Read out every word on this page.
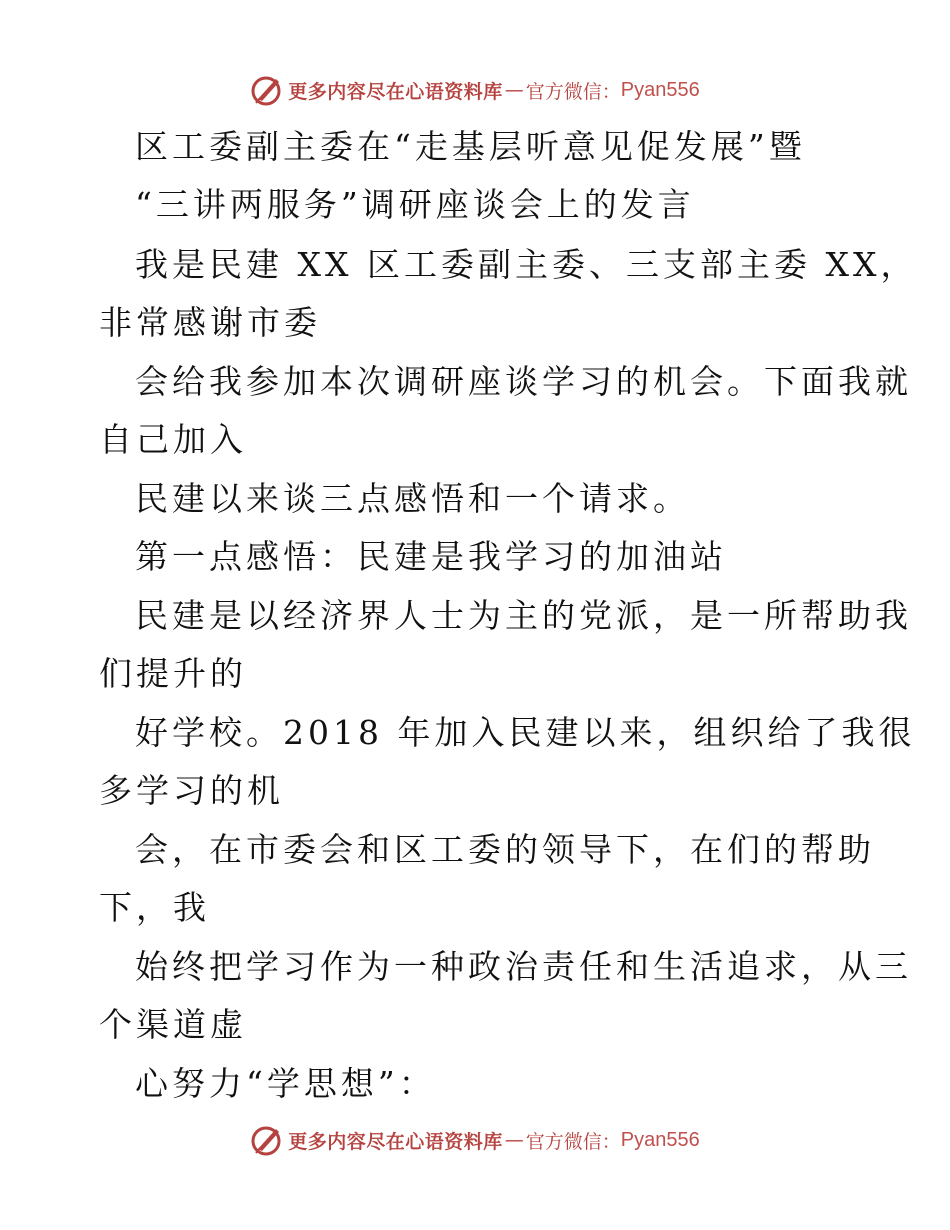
更多内容尽在心语资料库 — 官方微信： Pyan556
区工委副主委在“走基层听意见促发展”暨
“三讲两服务”调研座谈会上的发言
我是民建 XX 区工委副主委、三支部主委 XX，
非常感谢市委
会给我参加本次调研座谈学习的机会。下面我就
自己加入
民建以来谈三点感悟和一个请求。
第一点感悟：民建是我学习的加油站
民建是以经济界人士为主的党派，是一所帮助我
们提升的
好学校。2018 年加入民建以来，组织给了我很
多学习的机
会，在市委会和区工委的领导下，在们的帮助
下，我
始终把学习作为一种政治责任和生活追求，从三
个渠道虚
心努力“学思想”：
更多内容尽在心语资料库 — 官方微信： Pyan556
